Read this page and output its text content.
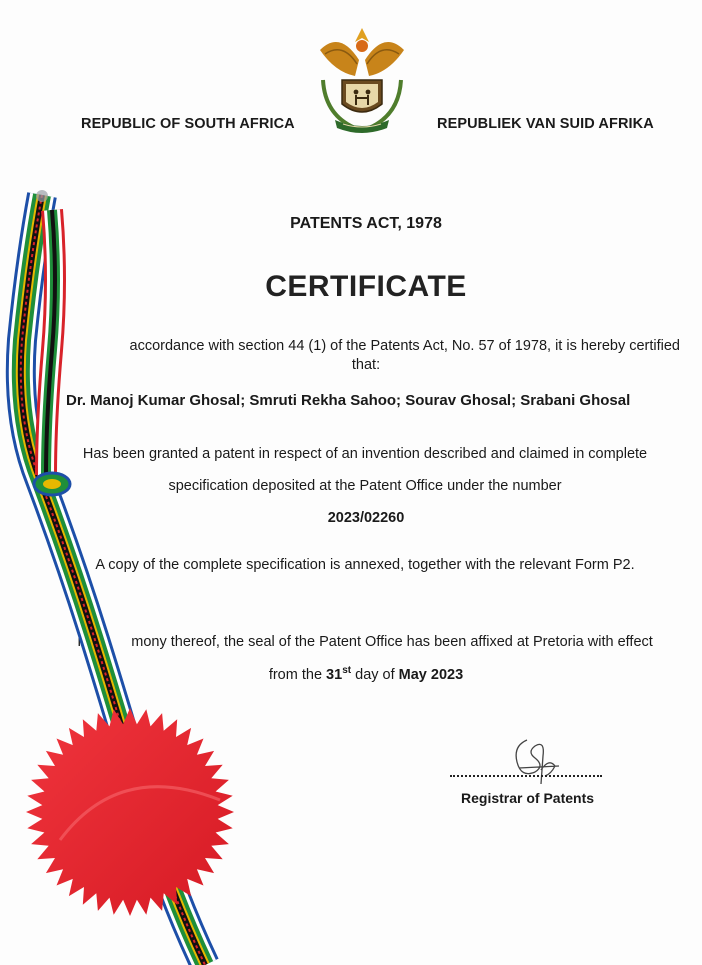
REPUBLIC OF SOUTH AFRICA	REPUBLIEK VAN SUID AFRIKA
PATENTS ACT, 1978
CERTIFICATE
accordance with section 44 (1) of the Patents Act, No. 57 of 1978, it is hereby certified
that:
Dr. Manoj Kumar Ghosal; Smruti Rekha Sahoo; Sourav Ghosal; Srabani Ghosal
Has been granted a patent in respect of an invention described and claimed in complete
specification deposited at the Patent Office under the number
2023/02260
A copy of the complete specification is annexed, together with the relevant Form P2.
In	mony thereof, the seal of the Patent Office has been affixed at Pretoria with effect
from the 31st day of May 2023
Registrar of Patents
